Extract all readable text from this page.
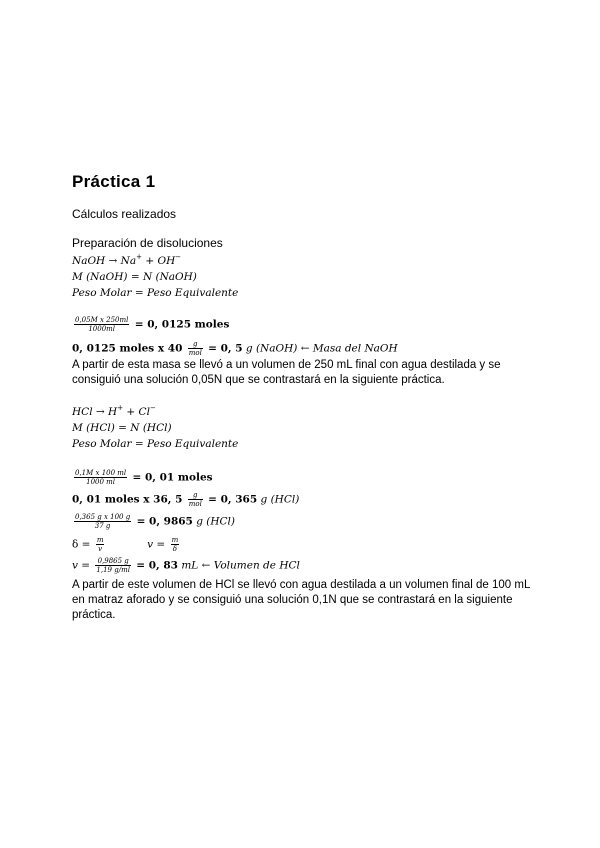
Práctica 1
Cálculos realizados
Preparación de disoluciones
NaOH → Na+ + OH−
M (NaOH) = N (NaOH)
Peso Molar = Peso Equivalente
$\frac{\text{0,05M x 250ml}}{1000ml} = 0$, 0125 moles
0, 0125 moles x $40 \frac{g}{\text{mol}} = 0$, 5 g (NaOH) ← Masa del NaOH
A partir de esta masa se llevó a un volumen de 250 mL final con agua destilada y se consiguió una solución 0,05N que se contrastará en la siguiente práctica.
HCl → H+ + Cl−
M (HCl) = N (HCl)
Peso Molar = Peso Equivalente
$\frac{\text{0,1M x 100 ml}}{1000 ml} = 0$, 01 moles
0, 01 moles x 36, $5 \frac{g}{\text{mol}} = 0$, 365 g (HCl)
$\frac{\text{0,365 g x 100 g}}{37 g} = 0$, 9865 g (HCl)
$\delta = \frac{m}{v}$	$v = \frac{m}{\delta}$
$v = \frac{0,9865 g}{1,19 g/ml} = 0$, 83 mL ← Volumen de HCl
A partir de este volumen de HCl se llevó con agua destilada a un volumen final de 100 mL en matraz aforado y se consiguió una solución 0,1N que se contrastará en la siguiente práctica.
